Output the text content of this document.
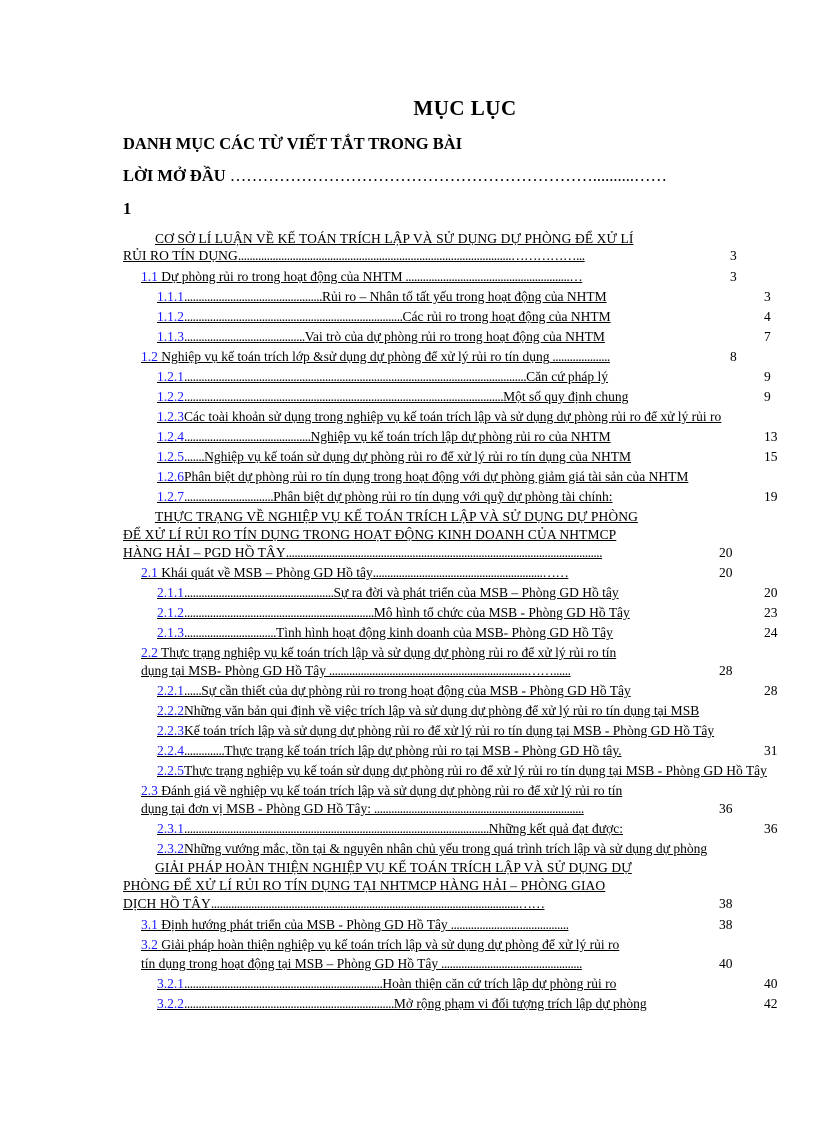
MỤC LỤC
DANH MỤC CÁC TỪ VIẾT TẮT TRONG BÀI
LỜI MỞ ĐẦU …………………………………………………………..........……
1
CƠ SỞ LÍ LUẬN VỀ KẾ TOÁN TRÍCH LẬP VÀ SỬ DỤNG DỰ PHÒNG ĐỂ XỬ LÍ
RỦI RO TÍN DỤNG...............................................................................................……………...	3
1.1 Dự phòng rủi ro trong hoạt động của NHTM .........................................................…	3
1.1.1................................................Rủi ro – Nhân tố tất yếu trong hoạt động của NHTM	3
1.1.2............................................................................Các rủi ro trong hoạt động của NHTM	4
1.1.3..........................................Vai trò của dự phòng rủi ro trong hoạt động của NHTM	7
1.2 Nghiệp vụ kế toán trích lớp &sử dụng dự phòng để xử lý rủi ro tín dụng ....................	8
1.2.1.......................................................................................................................Căn cứ pháp lý	9
1.2.2...............................................................................................................Một số quy định chung	9
1.2.3Các toài khoản sử dụng trong nghiệp vụ kế toán trích lập và sử dụng dự phòng rủi ro để xử lý rủi ro
1.2.4............................................Nghiệp vụ kế toán trích lập dự phòng rủi ro của NHTM	13
1.2.5.......Nghiệp vụ kế toán sử dụng dự phòng rủi ro để xử lý rủi ro tín dụng của NHTM	15
1.2.6Phân biệt dự phòng rủi ro tín dụng trong hoạt động với dự phòng giảm giá tài sản của NHTM
1.2.7...............................Phân biệt dự phòng rủi ro tín dụng với quỹ dự phòng tài chính:	19
THỰC TRẠNG VỀ NGHIỆP VỤ KẾ TOÁN TRÍCH LẬP VÀ SỬ DỤNG DỰ PHÒNG
ĐỂ XỬ LÍ RỦI RO TÍN DỤNG TRONG HOẠT ĐỘNG KINH DOANH CỦA NHTMCP
HÀNG HẢI – PGD HỒ TÂY..............................................................................................................	20
2.1 Khái quát về MSB – Phòng GD Hồ tây...........................................................……	20
2.1.1....................................................Sự ra đời và phát triển của MSB – Phòng GD Hồ tây	20
2.1.2..................................................................Mô hình tổ chức của MSB - Phòng GD Hồ Tây	23
2.1.3................................Tình hình hoạt động kinh doanh của MSB- Phòng GD Hồ Tây	24
2.2 Thực trạng nghiệp vụ kế toán trích lập và sử dụng dự phòng rủi ro để xử lý rủi ro tín
dụng tại MSB- Phòng GD Hồ Tây .....................................................................……......	28
2.2.1......Sự cần thiết của dự phòng rủi ro trong hoạt động của MSB - Phòng GD Hồ Tây	28
2.2.2Những văn bản qui định về việc trích lập và sử dụng dự phòng để xử lý rủi ro tín dụng tại MSB
2.2.3Kế toán trích lập và sử dụng dự phòng rủi ro để xử lý rủi ro tín dụng tại MSB - Phòng GD Hồ Tây
2.2.4..............Thực trạng kế toán trích lập dự phòng rủi ro tại MSB - Phòng GD Hồ tây.	31
2.2.5Thực trạng nghiệp vụ kế toán sử dụng dự phòng rủi ro để xử lý rủi ro tín dụng tại MSB - Phòng GD Hồ Tây
2.3 Đánh giá về nghiệp vụ kế toán trích lập và sử dụng dự phòng rủi ro để xử lý rủi ro tín
dụng tại đơn vị MSB - Phòng GD Hồ Tây: .........................................................................	36
2.3.1..........................................................................................................Những kết quả đạt được:	36
2.3.2Những vướng mắc, tồn tại & nguyên nhân chủ yếu trong quá trình trích lập và sử dụng dự phòng
GIẢI PHÁP HOÀN THIỆN NGHIỆP VỤ KẾ TOÁN TRÍCH LẬP VÀ SỬ DỤNG DỰ
PHÒNG ĐỂ XỬ LÍ RỦI RO TÍN DỤNG TẠI NHTMCP HÀNG HẢI – PHÒNG GIAO
DỊCH HỒ TÂY...........................................................................................................……	38
3.1 Định hướng phát triển của MSB - Phòng GD Hồ Tây .........................................	38
3.2 Giải pháp hoàn thiện nghiệp vụ kế toán trích lập và sử dụng dự phòng để xử lý rủi ro
tín dụng trong hoạt động tại MSB – Phòng GD Hồ Tây .................................................	40
3.2.1.....................................................................Hoàn thiện căn cứ trích lập dự phòng rủi ro	40
3.2.2.........................................................................Mở rộng phạm vi đối tượng trích lập dự phòng	42
